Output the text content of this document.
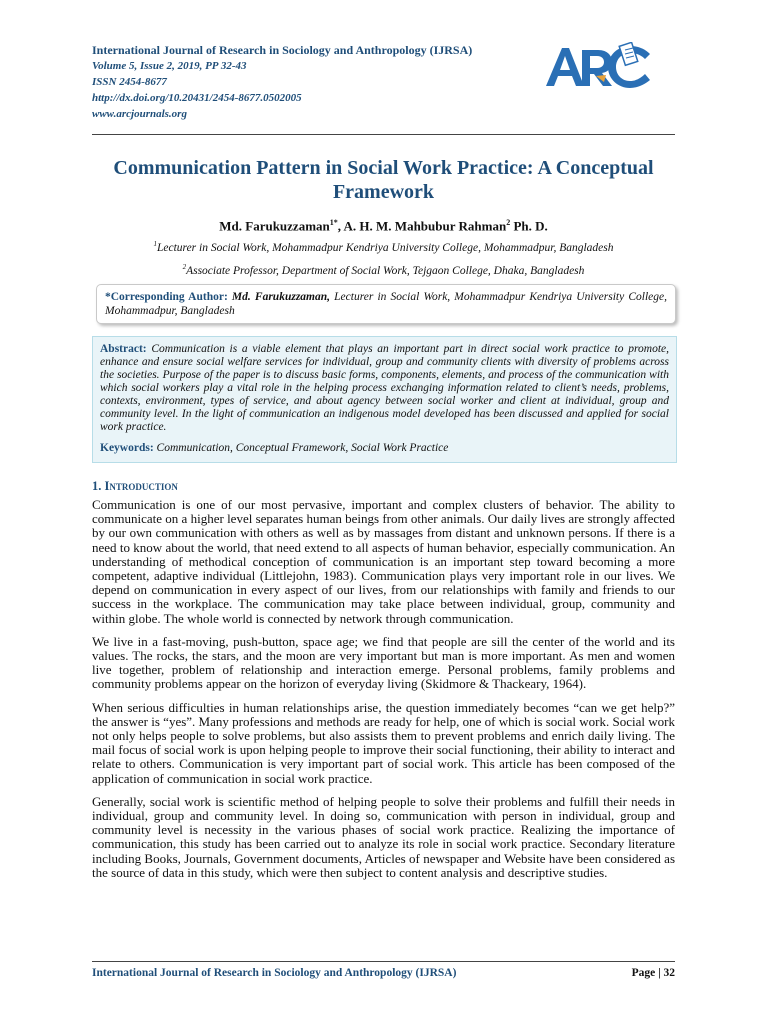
International Journal of Research in Sociology and Anthropology (IJRSA)
Volume 5, Issue 2, 2019, PP 32-43
ISSN 2454-8677
http://dx.doi.org/10.20431/2454-8677.0502005
www.arcjournals.org
Communication Pattern in Social Work Practice: A Conceptual Framework
Md. Farukuzzaman$^{1*}$, A. H. M. Mahbubur Rahman$^2$ Ph. D.
$^1$Lecturer in Social Work, Mohammadpur Kendriya University College, Mohammadpur, Bangladesh
$^2$Associate Professor, Department of Social Work, Tejgaon College, Dhaka, Bangladesh
*Corresponding Author: Md. Farukuzzaman, Lecturer in Social Work, Mohammadpur Kendriya University College, Mohammadpur, Bangladesh
Abstract: Communication is a viable element that plays an important part in direct social work practice to promote, enhance and ensure social welfare services for individual, group and community clients with diversity of problems across the societies. Purpose of the paper is to discuss basic forms, components, elements, and process of the communication with which social workers play a vital role in the helping process exchanging information related to client’s needs, problems, contexts, environment, types of service, and about agency between social worker and client at individual, group and community level. In the light of communication an indigenous model developed has been discussed and applied for social work practice.
Keywords: Communication, Conceptual Framework, Social Work Practice
1. Introduction

Communication is one of our most pervasive, important and complex clusters of behavior. The ability to communicate on a higher level separates human beings from other animals. Our daily lives are strongly affected by our own communication with others as well as by massages from distant and unknown persons. If there is a need to know about the world, that need extend to all aspects of human behavior, especially communication. An understanding of methodical conception of communication is an important step toward becoming a more competent, adaptive individual (Littlejohn, 1983). Communication plays very important role in our lives. We depend on communication in every aspect of our lives, from our relationships with family and friends to our success in the workplace. The communication may take place between individual, group, community and within globe. The whole world is connected by network through communication.

We live in a fast-moving, push-button, space age; we find that people are sill the center of the world and its values. The rocks, the stars, and the moon are very important but man is more important. As men and women live together, problem of relationship and interaction emerge. Personal problems, family problems and community problems appear on the horizon of everyday living (Skidmore & Thackeary, 1964).

When serious difficulties in human relationships arise, the question immediately becomes “can we get help?” the answer is “yes”. Many professions and methods are ready for help, one of which is social work. Social work not only helps people to solve problems, but also assists them to prevent problems and enrich daily living. The mail focus of social work is upon helping people to improve their social functioning, their ability to interact and relate to others. Communication is very important part of social work. This article has been composed of the application of communication in social work practice.

Generally, social work is scientific method of helping people to solve their problems and fulfill their needs in individual, group and community level. In doing so, communication with person in individual, group and community level is necessity in the various phases of social work practice. Realizing the importance of communication, this study has been carried out to analyze its role in social work practice. Secondary literature including Books, Journals, Government documents, Articles of newspaper and Website have been considered as the source of data in this study, which were then subject to content analysis and descriptive studies.

International Journal of Research in Sociology and Anthropology (IJRSA)	Page | 32
